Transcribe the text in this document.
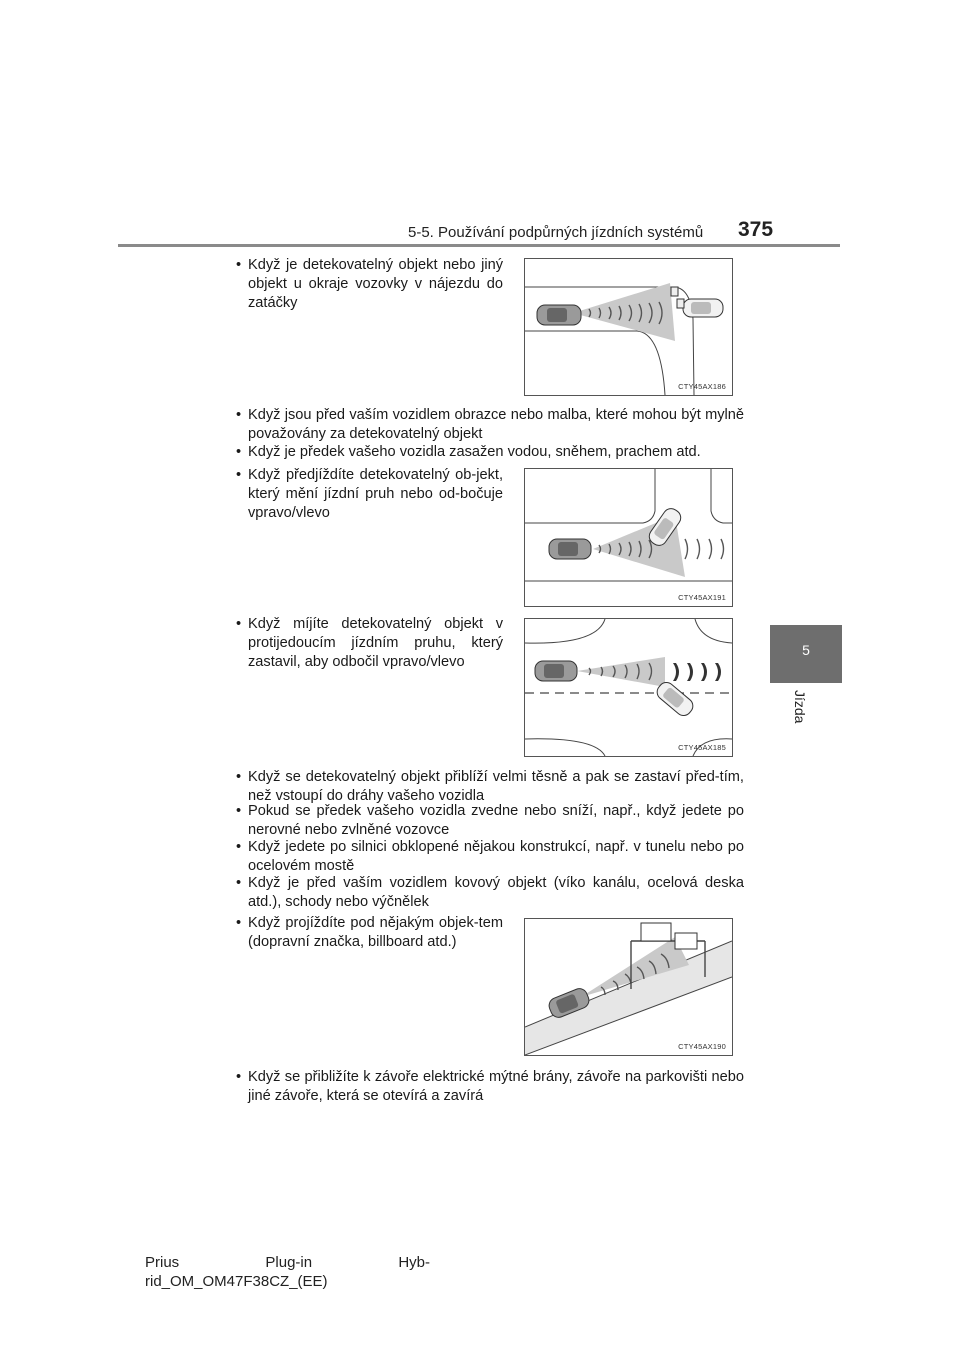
5-5. Používání podpůrných jízdních systémů 375
5
Jízda
• Když je detekovatelný objekt nebo jiný objekt u okraje vozovky v nájezdu do zatáčky
CTY45AX186
• Když jsou před vaším vozidlem obrazce nebo malba, které mohou být mylně považovány za detekovatelný objekt
• Když je předek vašeho vozidla zasažen vodou, sněhem, prachem atd.
• Když předjíždíte detekovatelný ob-jekt, který mění jízdní pruh nebo od-bočuje vpravo/vlevo
CTY45AX191
• Když míjíte detekovatelný objekt v protijedoucím jízdním pruhu, který zastavil, aby odbočil vpravo/vlevo
CTY45AX185
• Když se detekovatelný objekt přiblíží velmi těsně a pak se zastaví před-tím, než vstoupí do dráhy vašeho vozidla
• Pokud se předek vašeho vozidla zvedne nebo sníží, např., když jedete po nerovné nebo zvlněné vozovce
• Když jedete po silnici obklopené nějakou konstrukcí, např. v tunelu nebo po ocelovém mostě
• Když je před vaším vozidlem kovový objekt (víko kanálu, ocelová deska atd.), schody nebo výčnělek
• Když projíždíte pod nějakým objek-tem (dopravní značka, billboard atd.)
CTY45AX190
• Když se přibližíte k závoře elektrické mýtné brány, závoře na parkovišti nebo jiné závoře, která se otevírá a zavírá
Prius	Plug-in	Hyb-
rid_OM_OM47F38CZ_(EE)
